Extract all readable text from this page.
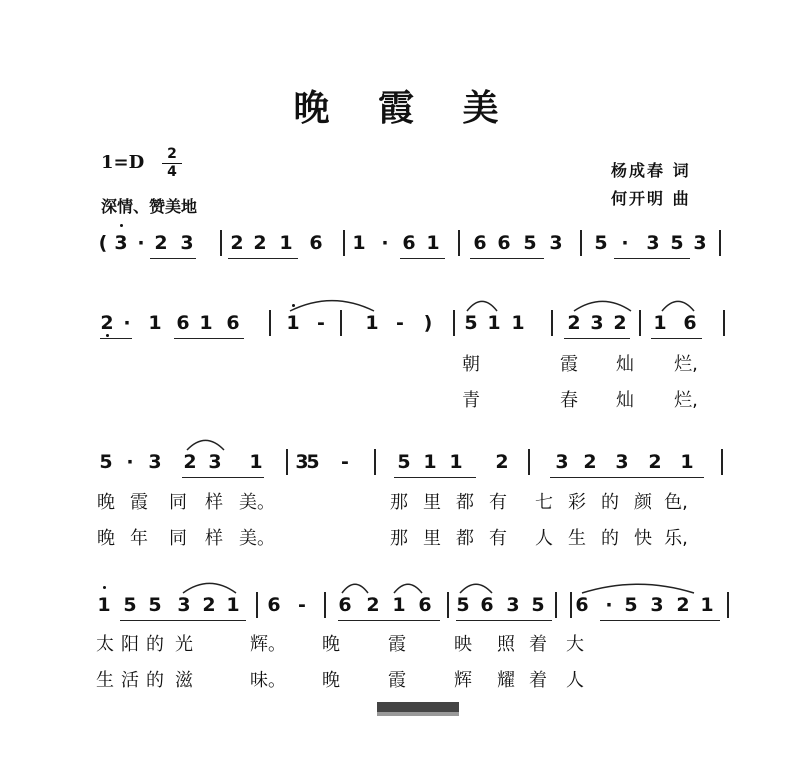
晚 霞 美
1=D	2
4
深情、赞美地
杨成春 词
何开明 曲
( 3 · 2 3 2 2 1 6 1 · 6 1 6 6 5 3 5 · 3 5 3
2 · 1 6 1 6 1 - 1 - ) 5 1 1 2 3 2 1 6
朝
青
霞
春
灿
灿
烂,
烂,
5 · 3 2 3 1 3
5 -	5 1 1 2 3 2 3 2 1
晚
晚
霞
年
同
同
样
样
美。
美。
那
那
里
里
都
都
有
有
七
人
彩
生
的
的
颜
快
色,
乐,
1 5 5 3 2 1 6 - 6 2 1 6 5 6 3 5 6 · 5 3 2 1
太
生
阳
活
的
的
光
滋
辉。
味。
晚
晚
霞
霞
映
辉
照
耀
着
着
大
人
